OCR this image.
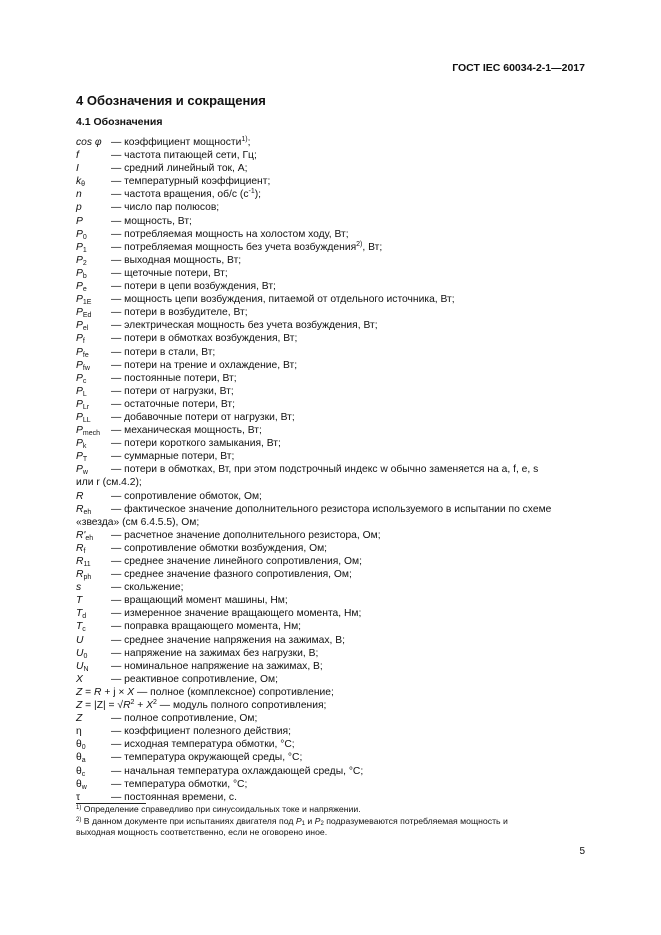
ГОСТ IEC 60034-2-1—2017
4 Обозначения и сокращения
4.1 Обозначения
cos φ — коэффициент мощности$^{1)}$;
f	— частота питающей сети, Гц;
I	— средний линейный ток, А;
$k_\theta$	— температурный коэффициент;
n	— частота вращения, об/с $(с^{-1})$;
p	— число пар полюсов;
P	— мощность, Вт;
$P_0$	— потребляемая мощность на холостом ходу, Вт;
$P_1$	— потребляемая мощность без учета возбуждения$^{2)}$, Вт;
$P_2$	— выходная мощность, Вт;
$P_b$	— щеточные потери, Вт;
$P_e$	— потери в цепи возбуждения, Вт;
$P_{1E}$	— мощность цепи возбуждения, питаемой от отдельного источника, Вт;
$P_{Ed}$	— потери в возбудителе, Вт;
$P_{el}$	— электрическая мощность без учета возбуждения, Вт;
$P_f$	— потери в обмотках возбуждения, Вт;
$P_{fe}$	— потери в стали, Вт;
$P_{fw}$	— потери на трение и охлаждение, Вт;
$P_c$	— постоянные потери, Вт;
$P_L$	— потери от нагрузки, Вт;
$P_{Lr}$	— остаточные потери, Вт;
$P_{LL}$	— добавочные потери от нагрузки, Вт;
$P_{mech}$	— механическая мощность, Вт;
$P_k$	— потери короткого замыкания, Вт;
$P_T$	— суммарные потери, Вт;
$P_w$ — потери в обмотках, Вт, при этом подстрочный индекс w обычно заменяется на a, f, e, s
или r (см.4.2);
R	— сопротивление обмоток, Ом;
$R_{eh}$ — фактическое значение дополнительного резистора используемого в испытании по схеме
«звезда» (см 6.4.5.5), Ом;
$R'_{eh}$	— расчетное значение дополнительного резистора, Ом;
$R_f$	— сопротивление обмотки возбуждения, Ом;
$R_{11}$	— среднее значение линейного сопротивления, Ом;
$R_{ph}$	— среднее значение фазного сопротивления, Ом;
s	— скольжение;
T	— вращающий момент машины, Нм;
$T_d$	— измеренное значение вращающего момента, Нм;
$T_c$	— поправка вращающего момента, Нм;
U	— среднее значение напряжения на зажимах, В;
$U_0$	— напряжение на зажимах без нагрузки, В;
$U_N$	— номинальное напряжение на зажимах, В;
X	— реактивное сопротивление, Ом;
Z = R + j × X — полное (комплексное) сопротивление;
$Z = |Z| = √R^2 + X^2$ — модуль полного сопротивления;
Z	— полное сопротивление, Ом;
η	— коэффициент полезного действия;
$\theta_0$	— исходная температура обмотки, °С;
$\theta_a$	— температура окружающей среды, °С;
$\theta_c$	— начальная температура охлаждающей среды, °С;
$\theta_w$	— температура обмотки, °С;
τ	— постоянная времени, с.
$^{1)}$ Определение справедливо при синусоидальных токе и напряжении.
$^{2)}$ В данном документе при испытаниях двигателя под $P_1$ и $P_2$ подразумеваются потребляемая мощность и
выходная мощность соответственно, если не оговорено иное.
5
